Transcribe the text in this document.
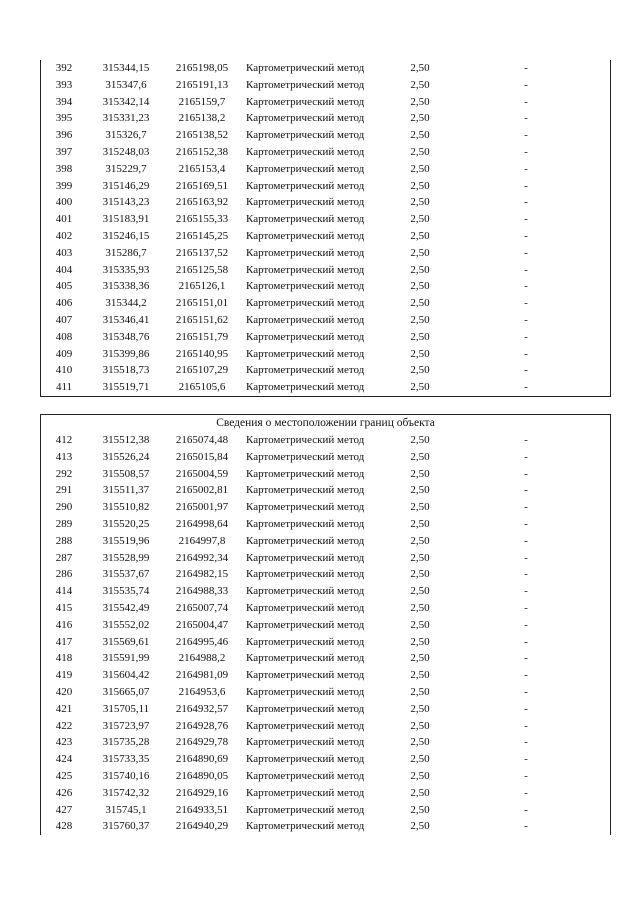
392	315344,15	2165198,05	Картометрический метод	2,50	-
393	315347,6	2165191,13	Картометрический метод	2,50	-
394	315342,14	2165159,7	Картометрический метод	2,50	-
395	315331,23	2165138,2	Картометрический метод	2,50	-
396	315326,7	2165138,52	Картометрический метод	2,50	-
397	315248,03	2165152,38	Картометрический метод	2,50	-
398	315229,7	2165153,4	Картометрический метод	2,50	-
399	315146,29	2165169,51	Картометрический метод	2,50	-
400	315143,23	2165163,92	Картометрический метод	2,50	-
401	315183,91	2165155,33	Картометрический метод	2,50	-
402	315246,15	2165145,25	Картометрический метод	2,50	-
403	315286,7	2165137,52	Картометрический метод	2,50	-
404	315335,93	2165125,58	Картометрический метод	2,50	-
405	315338,36	2165126,1	Картометрический метод	2,50	-
406	315344,2	2165151,01	Картометрический метод	2,50	-
407	315346,41	2165151,62	Картометрический метод	2,50	-
408	315348,76	2165151,79	Картометрический метод	2,50	-
409	315399,86	2165140,95	Картометрический метод	2,50	-
410	315518,73	2165107,29	Картометрический метод	2,50	-
411	315519,71	2165105,6	Картометрический метод	2,50	-
Сведения о местоположении границ объекта
412	315512,38	2165074,48	Картометрический метод	2,50	-
413	315526,24	2165015,84	Картометрический метод	2,50	-
292	315508,57	2165004,59	Картометрический метод	2,50	-
291	315511,37	2165002,81	Картометрический метод	2,50	-
290	315510,82	2165001,97	Картометрический метод	2,50	-
289	315520,25	2164998,64	Картометрический метод	2,50	-
288	315519,96	2164997,8	Картометрический метод	2,50	-
287	315528,99	2164992,34	Картометрический метод	2,50	-
286	315537,67	2164982,15	Картометрический метод	2,50	-
414	315535,74	2164988,33	Картометрический метод	2,50	-
415	315542,49	2165007,74	Картометрический метод	2,50	-
416	315552,02	2165004,47	Картометрический метод	2,50	-
417	315569,61	2164995,46	Картометрический метод	2,50	-
418	315591,99	2164988,2	Картометрический метод	2,50	-
419	315604,42	2164981,09	Картометрический метод	2,50	-
420	315665,07	2164953,6	Картометрический метод	2,50	-
421	315705,11	2164932,57	Картометрический метод	2,50	-
422	315723,97	2164928,76	Картометрический метод	2,50	-
423	315735,28	2164929,78	Картометрический метод	2,50	-
424	315733,35	2164890,69	Картометрический метод	2,50	-
425	315740,16	2164890,05	Картометрический метод	2,50	-
426	315742,32	2164929,16	Картометрический метод	2,50	-
427	315745,1	2164933,51	Картометрический метод	2,50	-
428	315760,37	2164940,29	Картометрический метод	2,50	-
